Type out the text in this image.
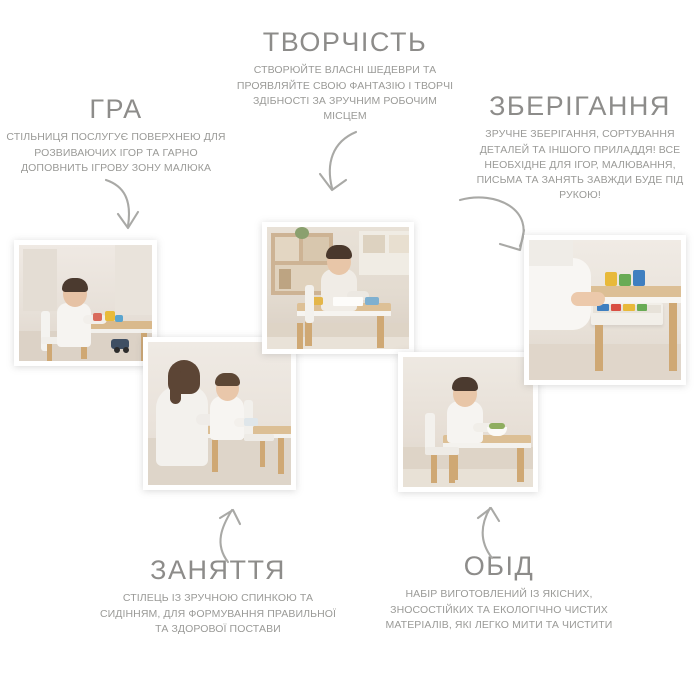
ГРА
СТІЛЬНИЦЯ ПОСЛУГУЄ ПОВЕРХНЕЮ ДЛЯ РОЗВИВАЮЧИХ ІГОР ТА ГАРНО ДОПОВНИТЬ ІГРОВУ ЗОНУ МАЛЮКА
ТВОРЧІСТЬ
СТВОРЮЙТЕ ВЛАСНІ ШЕДЕВРИ ТА ПРОЯВЛЯЙТЕ СВОЮ ФАНТАЗІЮ І ТВОРЧІ ЗДІБНОСТІ ЗА ЗРУЧНИМ РОБОЧИМ МІСЦЕМ	ЗБЕРІГАННЯ
ЗРУЧНЕ ЗБЕРІГАННЯ, СОРТУВАННЯ ДЕТАЛЕЙ ТА ІНШОГО ПРИЛАДДЯ! ВСЕ НЕОБХІДНЕ ДЛЯ ІГОР, МАЛЮВАННЯ, ПИСЬМА ТА ЗАНЯТЬ ЗАВЖДИ БУДЕ ПІД РУКОЮ!
ЗАНЯТТЯ
СТІЛЕЦЬ ІЗ ЗРУЧНОЮ СПИНКОЮ ТА СИДІННЯМ, ДЛЯ ФОРМУВАННЯ ПРАВИЛЬНОЇ ТА ЗДОРОВОЇ ПОСТАВИ
ОБІД
НАБІР ВИГОТОВЛЕНИЙ ІЗ ЯКІСНИХ, ЗНОСОСТІЙКИХ ТА ЕКОЛОГІЧНО ЧИСТИХ МАТЕРІАЛІВ, ЯКІ ЛЕГКО МИТИ ТА ЧИСТИТИ
